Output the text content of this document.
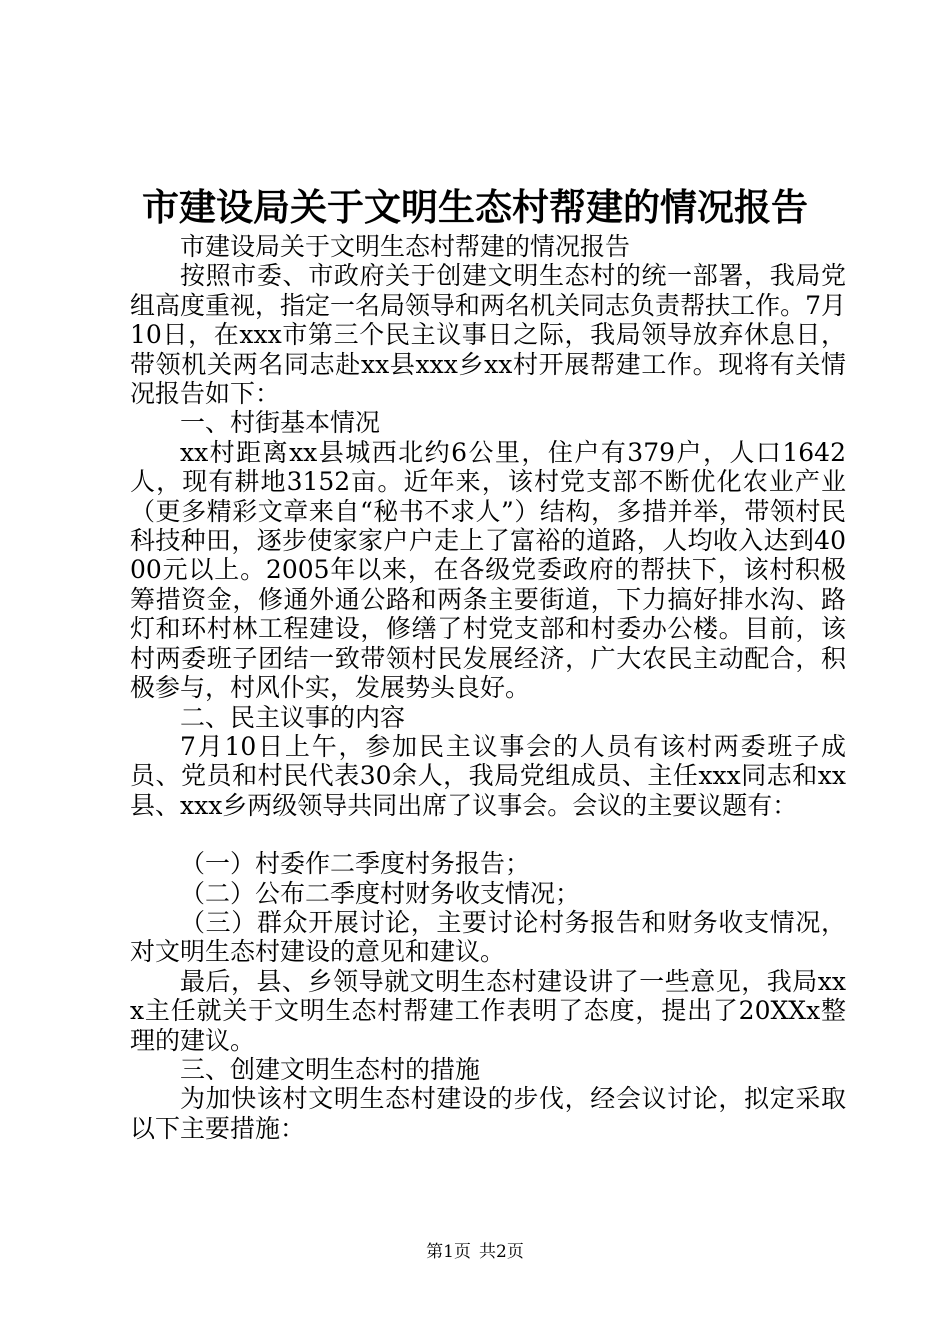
市建设局关于文明生态村帮建的情况报告

市建设局关于文明生态村帮建的情况报告

按照市委、市政府关于创建文明生态村的统一部署，我局党组高度重视，指定一名局领导和两名机关同志负责帮扶工作。7月10日，在xxx市第三个民主议事日之际，我局领导放弃休息日，带领机关两名同志赴xx县xxx乡xx村开展帮建工作。现将有关情况报告如下：

一、村街基本情况

xx村距离xx县城西北约6公里，住户有379户，人口1642人，现有耕地3152亩。近年来，该村党支部不断优化农业产业（更多精彩文章来自“秘书不求人”）结构，多措并举，带领村民科技种田，逐步使家家户户走上了富裕的道路，人均收入达到4000元以上。2005年以来，在各级党委政府的帮扶下，该村积极筹措资金，修通外通公路和两条主要街道，下力搞好排水沟、路灯和环村林工程建设，修缮了村党支部和村委办公楼。目前，该村两委班子团结一致带领村民发展经济，广大农民主动配合，积极参与，村风仆实，发展势头良好。

二、民主议事的内容

7月10日上午，参加民主议事会的人员有该村两委班子成员、党员和村民代表30余人，我局党组成员、主任xxx同志和xx县、xxx乡两级领导共同出席了议事会。会议的主要议题有：

（一）村委作二季度村务报告；

（二）公布二季度村财务收支情况；

（三）群众开展讨论，主要讨论村务报告和财务收支情况，对文明生态村建设的意见和建议。

最后，县、乡领导就文明生态村建设讲了一些意见，我局xxx主任就关于文明生态村帮建工作表明了态度，提出了20XXx整理的建议。

三、创建文明生态村的措施

为加快该村文明生态村建设的步伐，经会议讨论，拟定采取以下主要措施：

第1页 共2页
